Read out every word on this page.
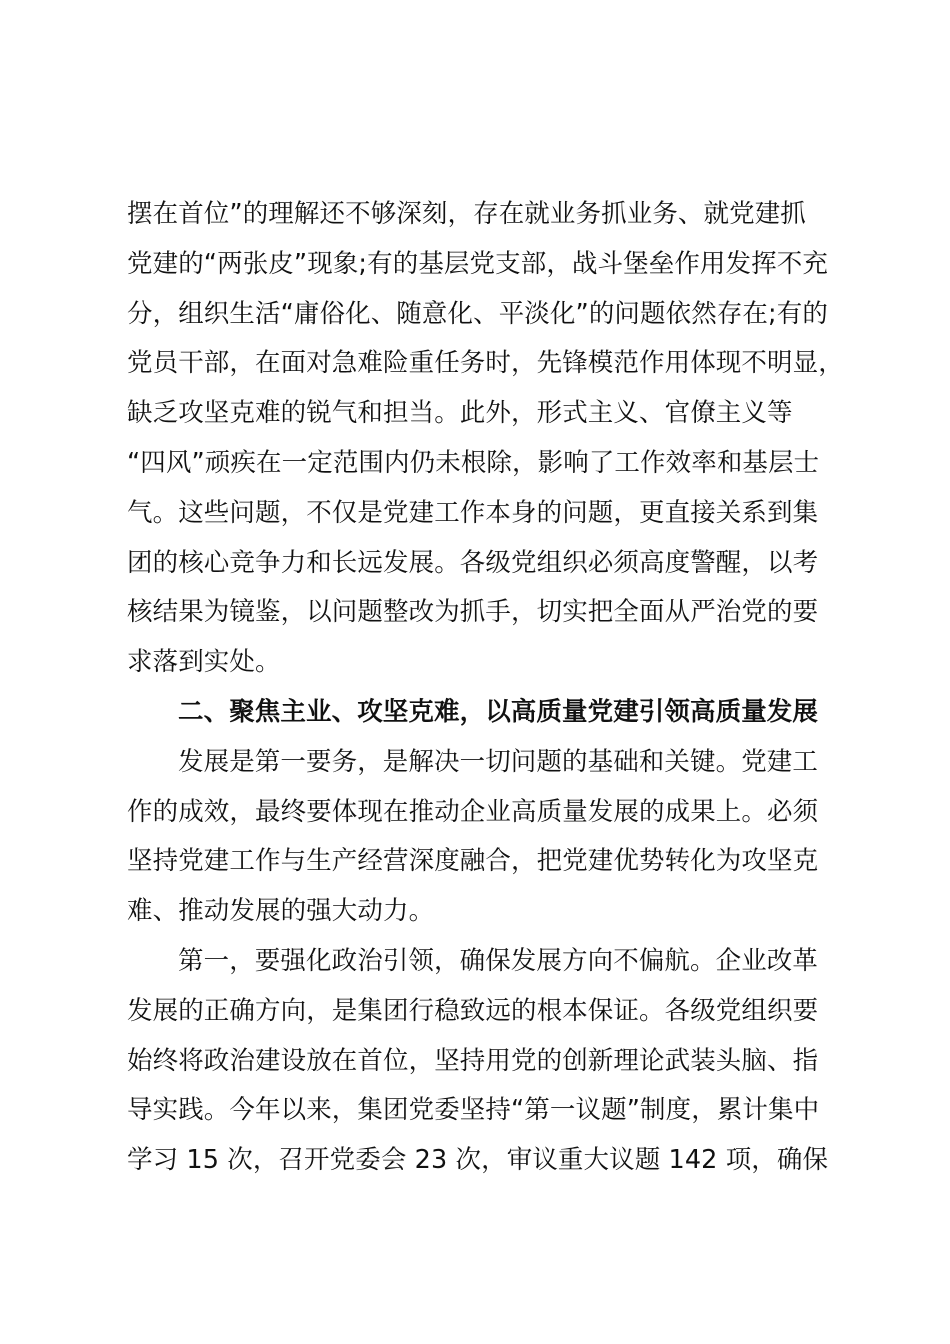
摆在首位”的理解还不够深刻，存在就业务抓业务、就党建抓
党建的“两张皮”现象;有的基层党支部，战斗堡垒作用发挥不充
分，组织生活“庸俗化、随意化、平淡化”的问题依然存在;有的
党员干部，在面对急难险重任务时，先锋模范作用体现不明显，
缺乏攻坚克难的锐气和担当。此外，形式主义、官僚主义等
“四风”顽疾在一定范围内仍未根除，影响了工作效率和基层士
气。这些问题，不仅是党建工作本身的问题，更直接关系到集
团的核心竞争力和长远发展。各级党组织必须高度警醒，以考
核结果为镜鉴，以问题整改为抓手，切实把全面从严治党的要
求落到实处。
二、聚焦主业、攻坚克难，以高质量党建引领高质量发展
发展是第一要务，是解决一切问题的基础和关键。党建工
作的成效，最终要体现在推动企业高质量发展的成果上。必须
坚持党建工作与生产经营深度融合，把党建优势转化为攻坚克
难、推动发展的强大动力。
第一，要强化政治引领，确保发展方向不偏航。企业改革
发展的正确方向，是集团行稳致远的根本保证。各级党组织要
始终将政治建设放在首位，坚持用党的创新理论武装头脑、指
导实践。今年以来，集团党委坚持“第一议题”制度，累计集中
学习 15 次，召开党委会 23 次，审议重大议题 142 项，确保
